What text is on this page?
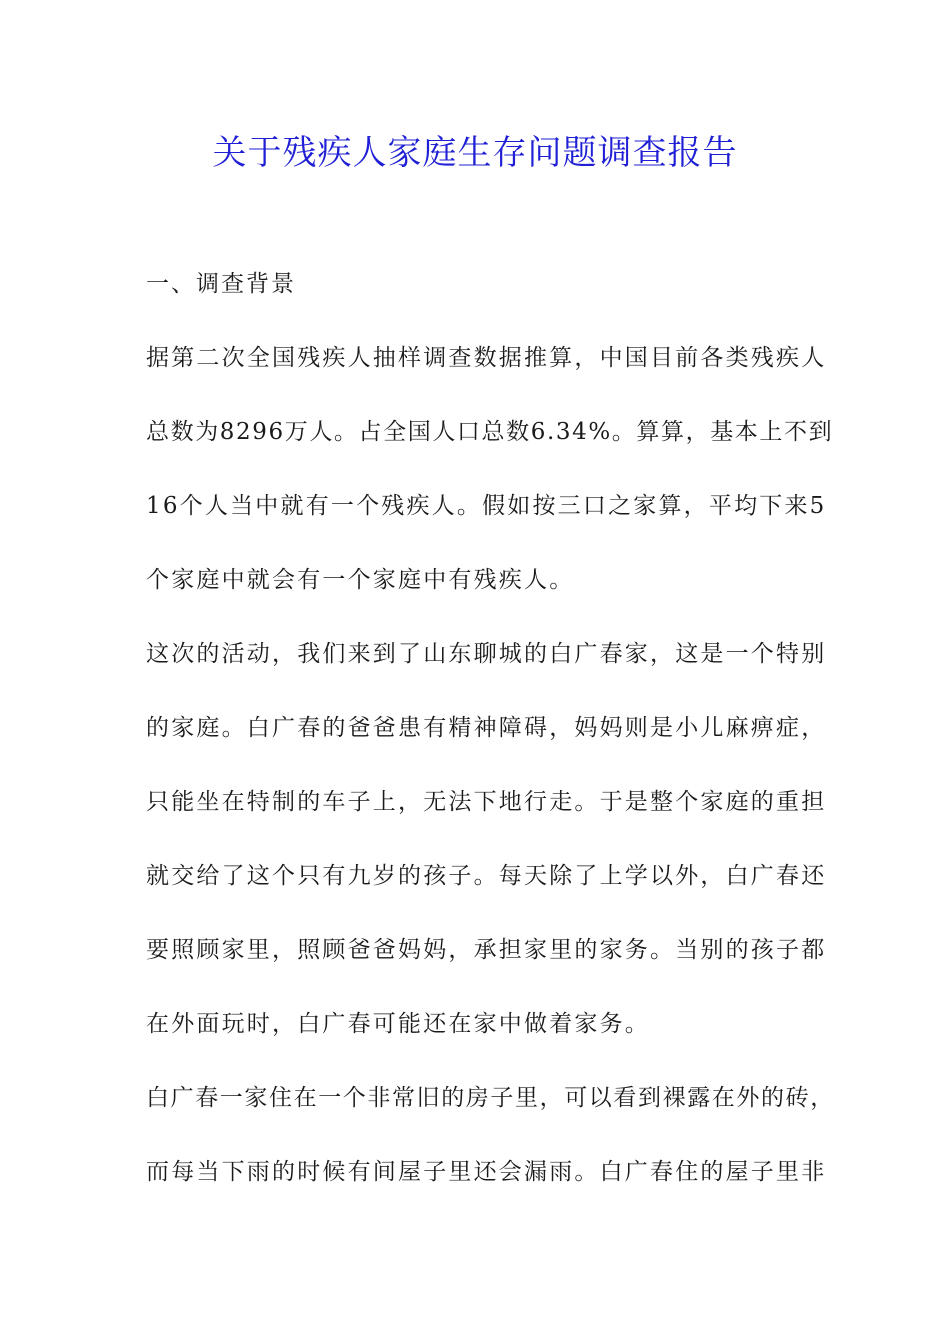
关于残疾人家庭生存问题调查报告
一、调查背景
据第二次全国残疾人抽样调查数据推算，中国目前各类残疾人
总数为8296万人。占全国人口总数6.34%。算算，基本上不到
16个人当中就有一个残疾人。假如按三口之家算，平均下来5
个家庭中就会有一个家庭中有残疾人。
这次的活动，我们来到了山东聊城的白广春家，这是一个特别
的家庭。白广春的爸爸患有精神障碍，妈妈则是小儿麻痹症，
只能坐在特制的车子上，无法下地行走。于是整个家庭的重担
就交给了这个只有九岁的孩子。每天除了上学以外，白广春还
要照顾家里，照顾爸爸妈妈，承担家里的家务。当别的孩子都
在外面玩时，白广春可能还在家中做着家务。
白广春一家住在一个非常旧的房子里，可以看到裸露在外的砖，
而每当下雨的时候有间屋子里还会漏雨。白广春住的屋子里非
